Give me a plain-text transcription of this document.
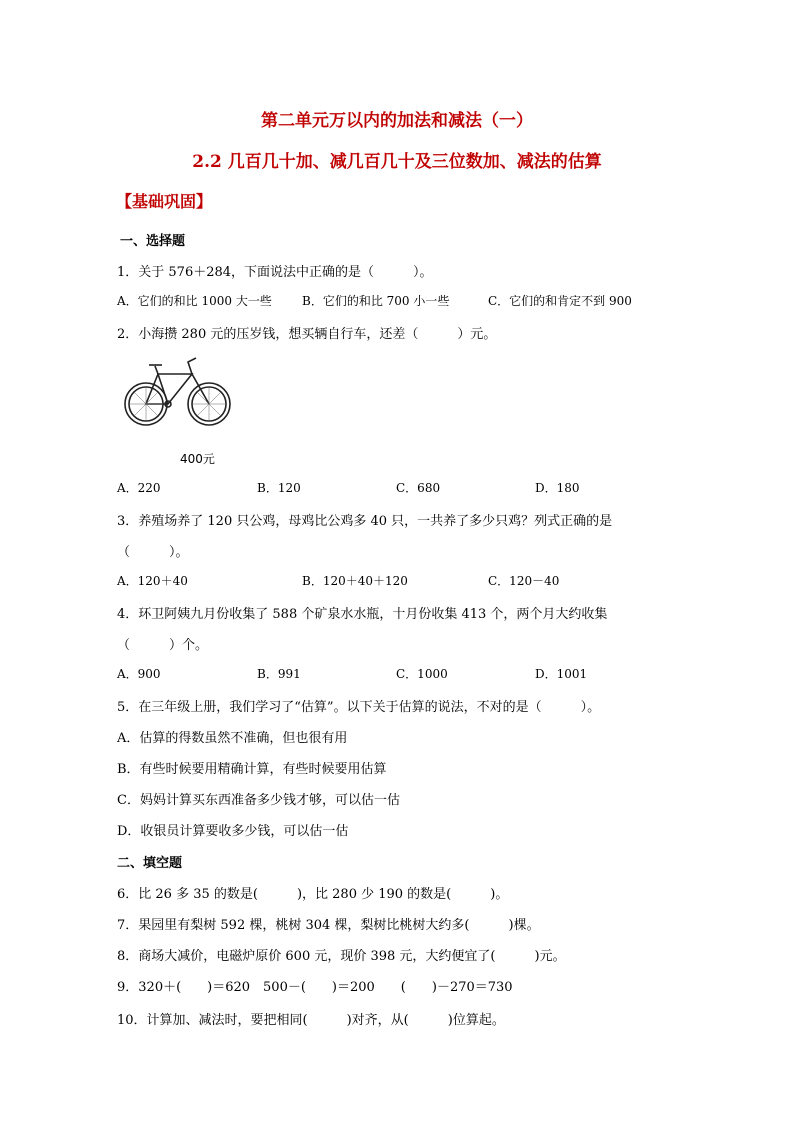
第二单元万以内的加法和减法（一）
2.2 几百几十加、减几百几十及三位数加、减法的估算
【基础巩固】
一、选择题
1．关于 576＋284，下面说法中正确的是（　　　）。
A．它们的和比 1000 大一些	B．它们的和比 700 小一些	C．它们的和肯定不到 900
2．小海攒 280 元的压岁钱，想买辆自行车，还差（　　　）元。
400元
A．220	B．120	C．680	D．180
3．养殖场养了 120 只公鸡，母鸡比公鸡多 40 只，一共养了多少只鸡？列式正确的是
（　　　）。
A．120＋40	B．120＋40＋120	C．120－40
4．环卫阿姨九月份收集了 588 个矿泉水水瓶，十月份收集 413 个，两个月大约收集
（　　　）个。
A．900	B．991	C．1000	D．1001
5．在三年级上册，我们学习了“估算”。以下关于估算的说法，不对的是（　　　）。
A．估算的得数虽然不准确，但也很有用
B．有些时候要用精确计算，有些时候要用估算
C．妈妈计算买东西准备多少钱才够，可以估一估
D．收银员计算要收多少钱，可以估一估
二、填空题
6．比 26 多 35 的数是(　　　)，比 280 少 190 的数是(　　　)。
7．果园里有梨树 592 棵，桃树 304 棵，梨树比桃树大约多(　　　)棵。
8．商场大减价，电磁炉原价 600 元，现价 398 元，大约便宜了(　　　)元。
9．320＋(　　)＝620　500－(　　)＝200　　(　　)－270＝730
10．计算加、减法时，要把相同(　　　)对齐，从(　　　)位算起。
